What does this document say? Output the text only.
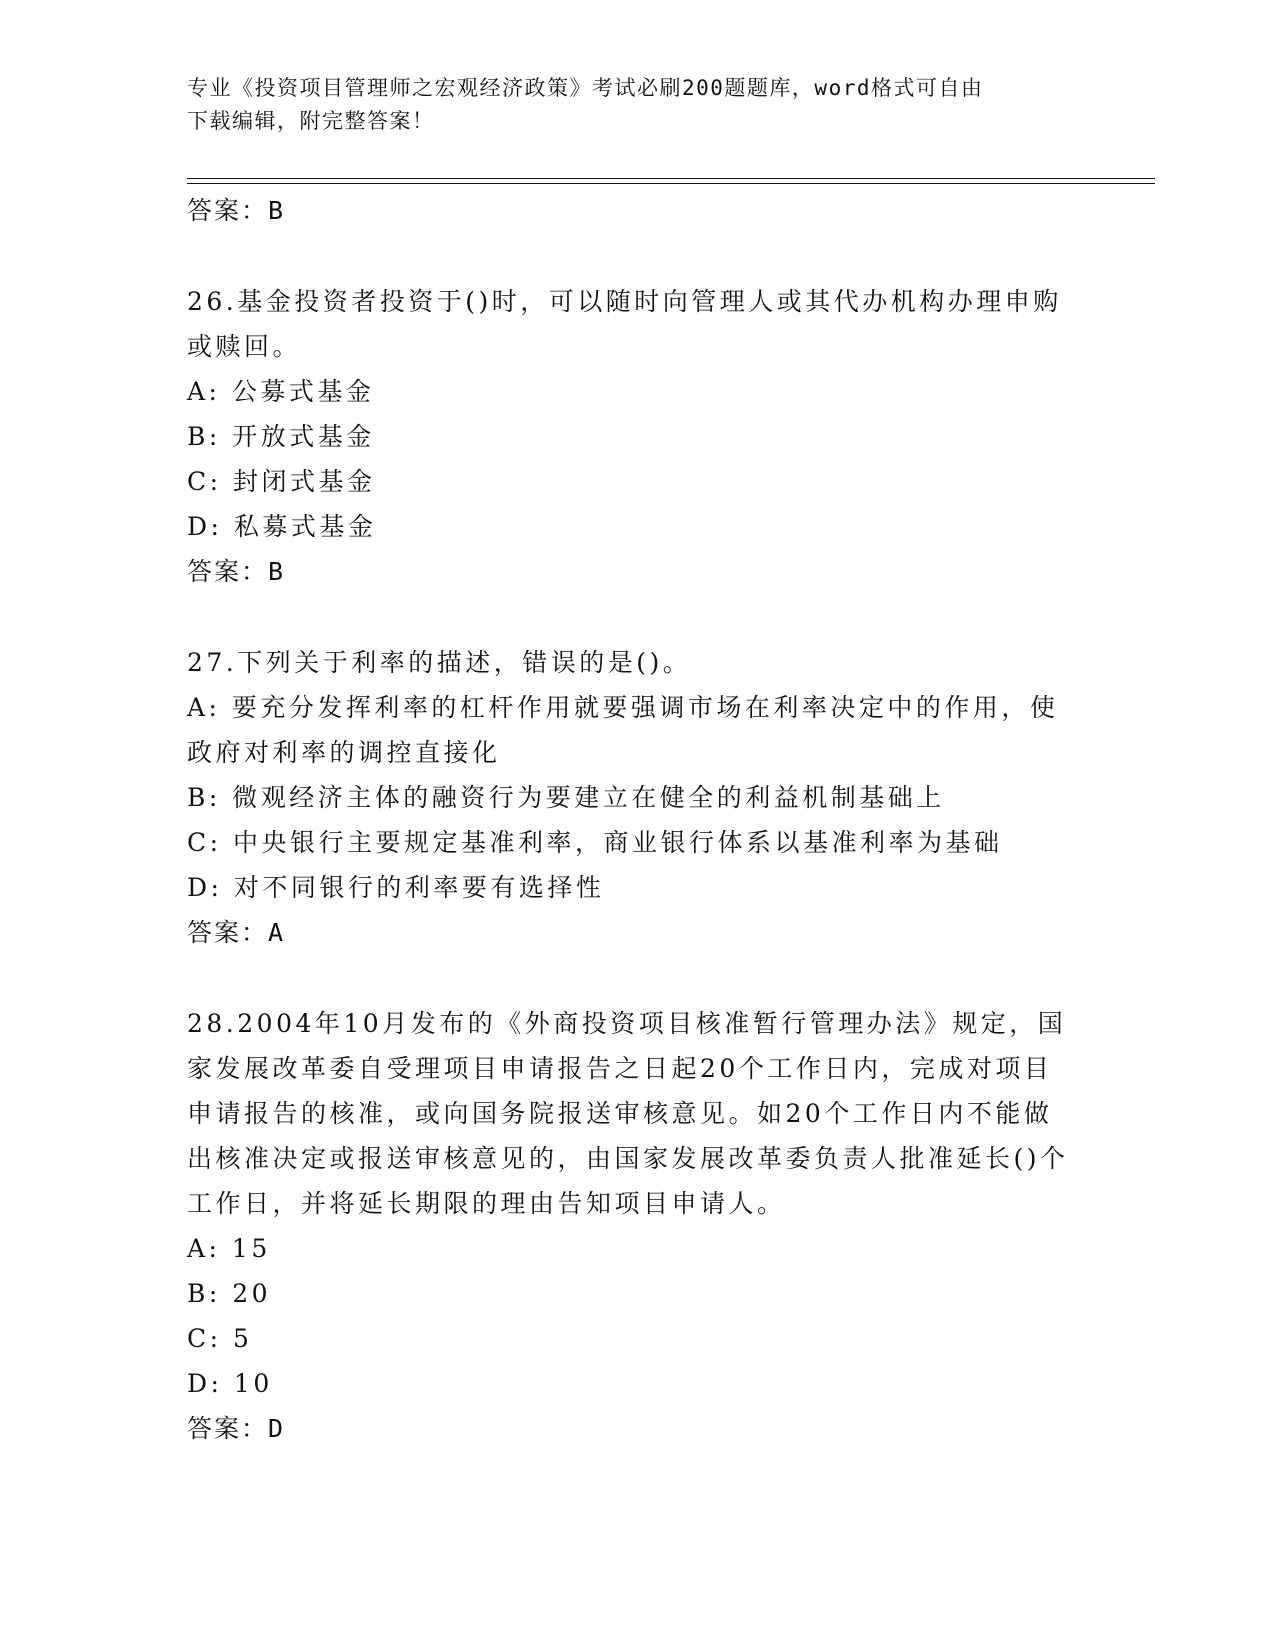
专业《投资项目管理师之宏观经济政策》考试必刷200题题库，word格式可自由
下载编辑，附完整答案！
答案：B
26.基金投资者投资于()时，可以随时向管理人或其代办机构办理申购或赎回。
A: 公募式基金
B: 开放式基金
C: 封闭式基金
D: 私募式基金
答案：B
27.下列关于利率的描述，错误的是()。
A: 要充分发挥利率的杠杆作用就要强调市场在利率决定中的作用，使政府对利率的调控直接化
B: 微观经济主体的融资行为要建立在健全的利益机制基础上
C: 中央银行主要规定基准利率，商业银行体系以基准利率为基础
D: 对不同银行的利率要有选择性
答案：A
28.2004年10月发布的《外商投资项目核准暂行管理办法》规定，国家发展改革委自受理项目申请报告之日起20个工作日内，完成对项目申请报告的核准，或向国务院报送审核意见。如20个工作日内不能做出核准决定或报送审核意见的，由国家发展改革委负责人批准延长()个工作日，并将延长期限的理由告知项目申请人。
A: 15
B: 20
C: 5
D: 10
答案：D
